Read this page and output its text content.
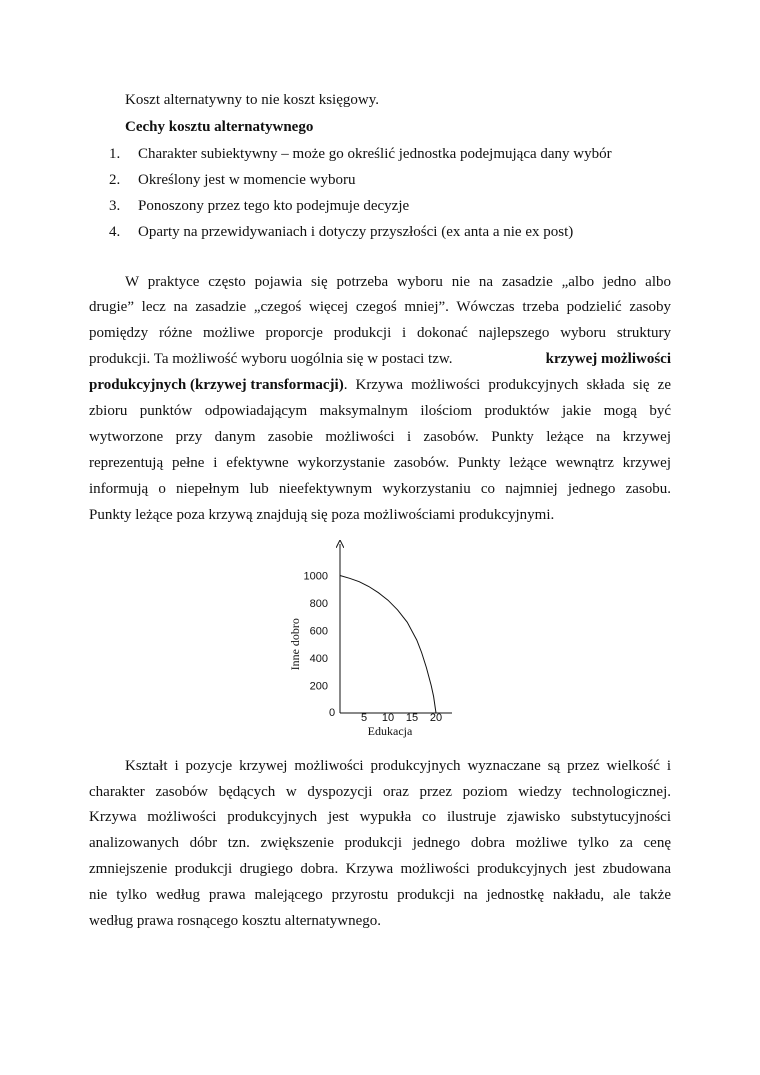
Koszt alternatywny to nie koszt księgowy.
Cechy kosztu alternatywnego
1.	Charakter subiektywny – może go określić jednostka podejmująca dany wybór
2.	Określony jest w momencie wyboru
3.	Ponoszony przez tego kto podejmuje decyzje
4.	Oparty na przewidywaniach i dotyczy przyszłości (ex anta a nie ex post)
W praktyce często pojawia się potrzeba wyboru nie na zasadzie „albo jedno albo
drugie” lecz na zasadzie „czegoś więcej czegoś mniej”. Wówczas trzeba podzielić zasoby
pomiędzy różne możliwe proporcje produkcji i dokonać najlepszego wyboru struktury
produkcji. Ta możliwość wyboru uogólnia się w postaci tzw.	krzywej możliwości
produkcyjnych (krzywej transformacji) . Krzywa możliwości produkcyjnych składa się ze
zbioru punktów odpowiadającym maksymalnym ilościom produktów jakie mogą być
wytworzone przy danym zasobie możliwości i zasobów. Punkty leżące na krzywej
reprezentują pełne i efektywne wykorzystanie zasobów. Punkty leżące wewnątrz krzywej
informują o niepełnym lub nieefektywnym wykorzystaniu co najmniej jednego zasobu.
Punkty leżące poza krzywą znajdują się poza możliwościami produkcyjnymi.
200
400
600
800
1000
0 5 10 15 20
Edukacja
Inne dobro
Kształt i pozycje krzywej możliwości produkcyjnych wyznaczane są przez wielkość i
charakter zasobów będących w dyspozycji oraz przez poziom wiedzy technologicznej.
Krzywa możliwości produkcyjnych jest wypukła co ilustruje zjawisko substytucyjności
analizowanych dóbr tzn. zwiększenie produkcji jednego dobra możliwe tylko za cenę
zmniejszenie produkcji drugiego dobra. Krzywa możliwości produkcyjnych jest zbudowana
nie tylko według prawa malejącego przyrostu produkcji na jednostkę nakładu, ale także
według prawa rosnącego kosztu alternatywnego.
